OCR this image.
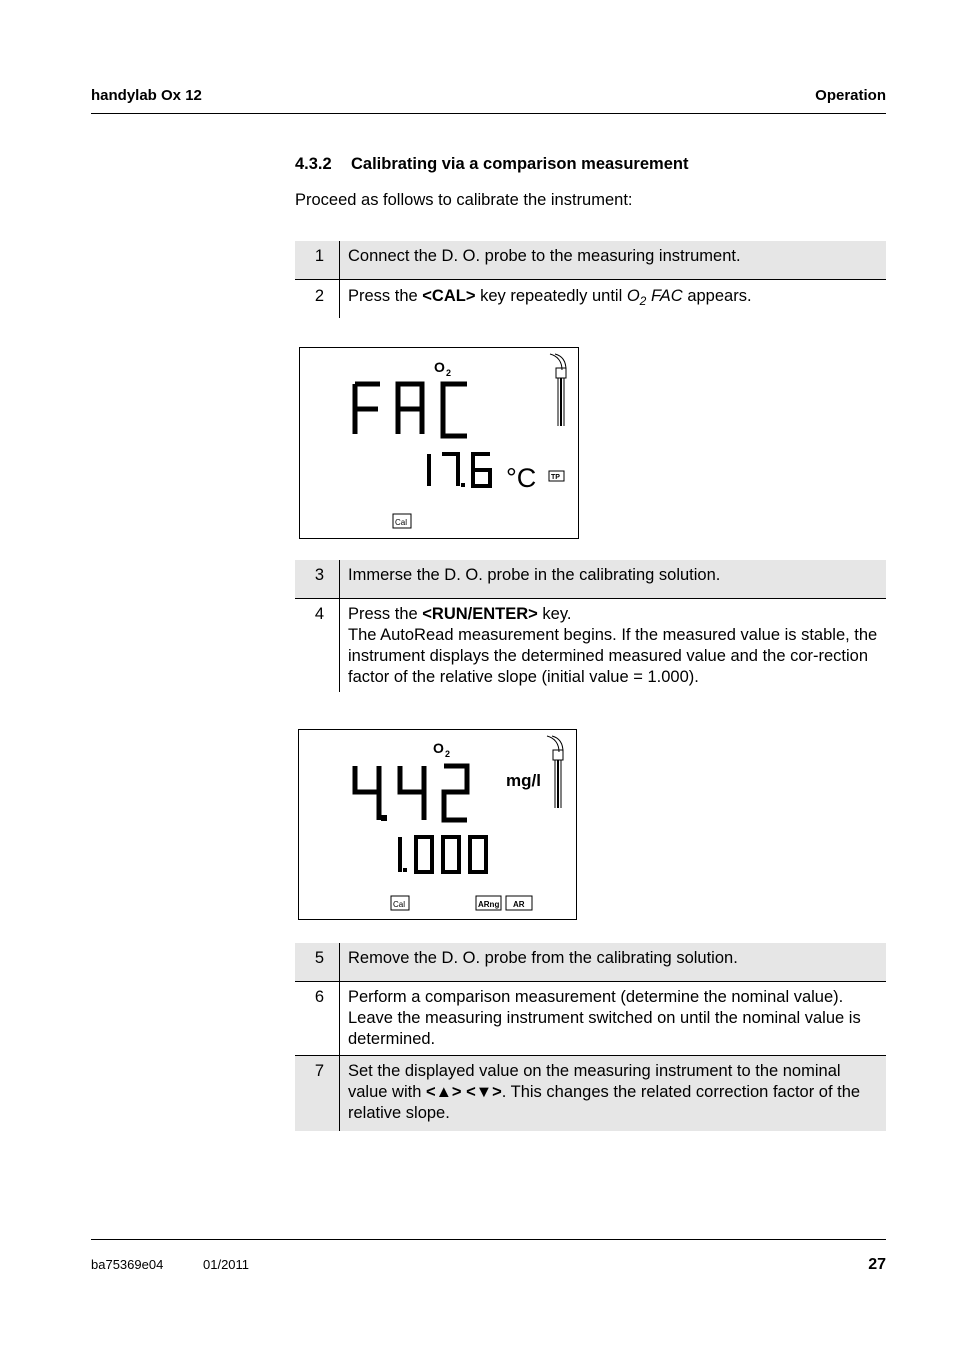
handylab Ox 12	Operation
4.3.2 Calibrating via a comparison measurement
Proceed as follows to calibrate the instrument:
1	Connect the D. O. probe to the measuring instrument.
2	Press the <CAL> key repeatedly until $O_2$ FAC appears.
O 2
°C TP
Cal
3	Immerse the D. O. probe in the calibrating solution.
4	Press the <RUN/ENTER> key.
The AutoRead measurement begins. If the measured value is stable, the instrument displays the determined measured value and the cor-rection factor of the relative slope (initial value = 1.000).
O 2
mg/l
Cal	ARng AR
5	Remove the D. O. probe from the calibrating solution.
6	Perform a comparison measurement (determine the nominal value). Leave the measuring instrument switched on until the nominal value is determined.
7	Set the displayed value on the measuring instrument to the nominal value with <▲> <▼>. This changes the related correction factor of the relative slope.
ba75369e04	01/2011	27
